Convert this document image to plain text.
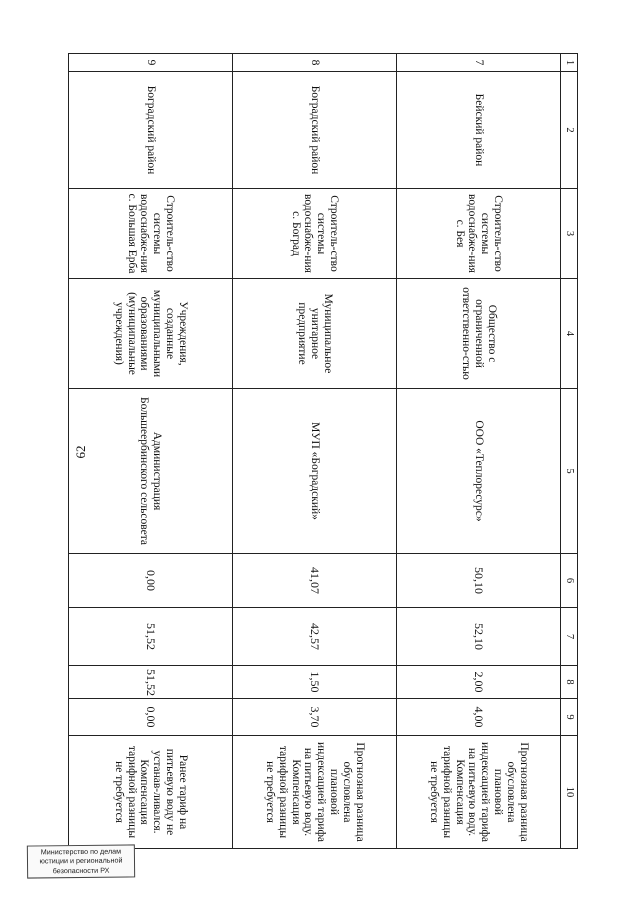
62
1	2	3	4	5	6	7	8	9	10
7	Бейский район	Строитель-ство системы водоснабже-ния с. Бея	Общество с ограниченной ответственно-стью	ООО «Теплоресурс»	50,10	52,10	2,00	4,00	Прогнозная разница обусловлена плановой индексацией тарифа на питьевую воду. Компенсация тарифной разницы не требуется
8	Боградский район	Строитель-ство системы водоснабже-ния с. Боград	Муниципальное унитарное предприятие	МУП «Боградский»	41,07	42,57	1,50	3,70	Прогнозная разница обусловлена плановой индексацией тарифа на питьевую воду. Компенсация тарифной разницы не требуется
9	Боградский район	Строитель-ство системы водоснабже-ния с. Большая Ерба	Учреждения, созданные муниципальными образованиями (муниципальные учреждения)	Администрация Большеербинского сельсовета	0,00	51,52	51,52	0,00	Ранее тариф на питьевую воду не устанав-ливался. Компенсация тарифной разницы не требуется
Министерство по делам
юстиции и региональной
безопасности РХ
